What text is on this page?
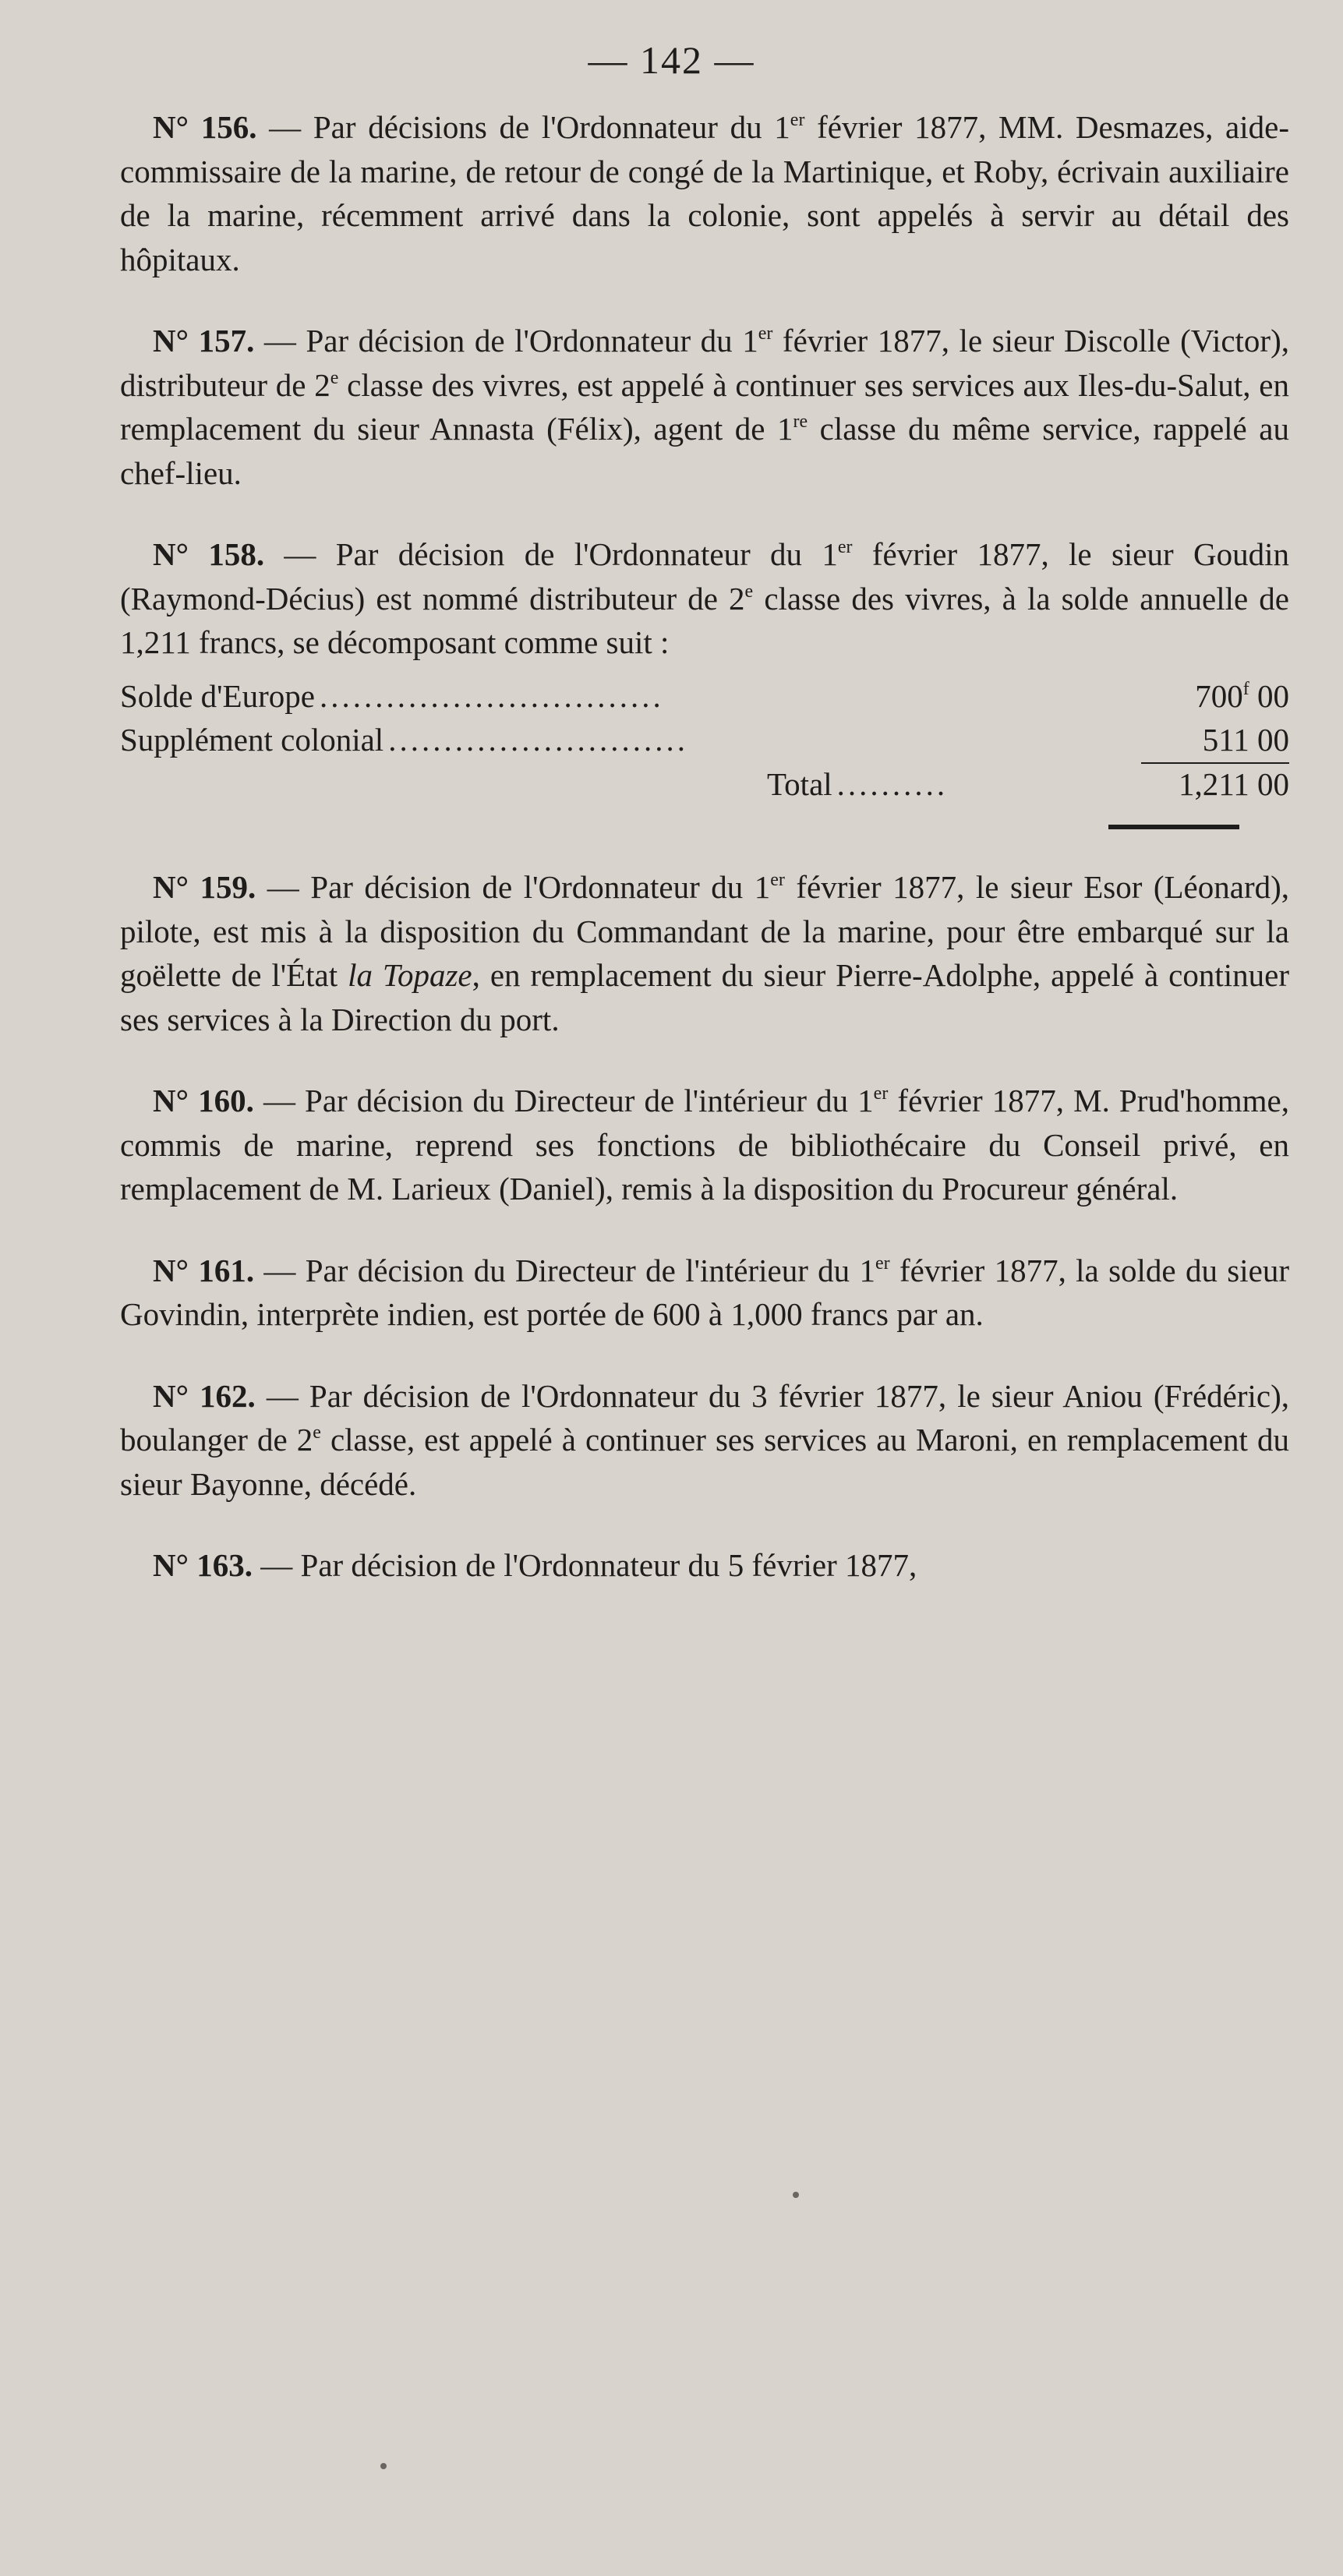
— 142 —

N° 156. — Par décisions de l'Ordonnateur du 1er février 1877, MM. Desmazes, aide-commissaire de la marine, de retour de congé de la Martinique, et Roby, écrivain auxiliaire de la marine, récemment arrivé dans la colonie, sont appelés à servir au détail des hôpitaux.

N° 157. — Par décision de l'Ordonnateur du 1er février 1877, le sieur Discolle (Victor), distributeur de 2e classe des vivres, est appelé à continuer ses services aux Iles-du-Salut, en remplacement du sieur Annasta (Félix), agent de 1re classe du même service, rappelé au chef-lieu.

N° 158. — Par décision de l'Ordonnateur du 1er février 1877, le sieur Goudin (Raymond-Décius) est nommé distributeur de 2e classe des vivres, à la solde annuelle de 1,211 francs, se décomposant comme suit :

Solde d'Europe ...............................	700$^f$ 00
Supplément colonial ...........................	511 00
Total ..........	1,211 00

N° 159. — Par décision de l'Ordonnateur du 1er février 1877, le sieur Esor (Léonard), pilote, est mis à la disposition du Commandant de la marine, pour être embarqué sur la goëlette de l'État la Topaze, en remplacement du sieur Pierre-Adolphe, appelé à continuer ses services à la Direction du port.

N° 160. — Par décision du Directeur de l'intérieur du 1er février 1877, M. Prud'homme, commis de marine, reprend ses fonctions de bibliothécaire du Conseil privé, en remplacement de M. Larieux (Daniel), remis à la disposition du Procureur général.

N° 161. — Par décision du Directeur de l'intérieur du 1er février 1877, la solde du sieur Govindin, interprète indien, est portée de 600 à 1,000 francs par an.

N° 162. — Par décision de l'Ordonnateur du 3 février 1877, le sieur Aniou (Frédéric), boulanger de 2e classe, est appelé à continuer ses services au Maroni, en remplacement du sieur Bayonne, décédé.

N° 163. — Par décision de l'Ordonnateur du 5 février 1877,
